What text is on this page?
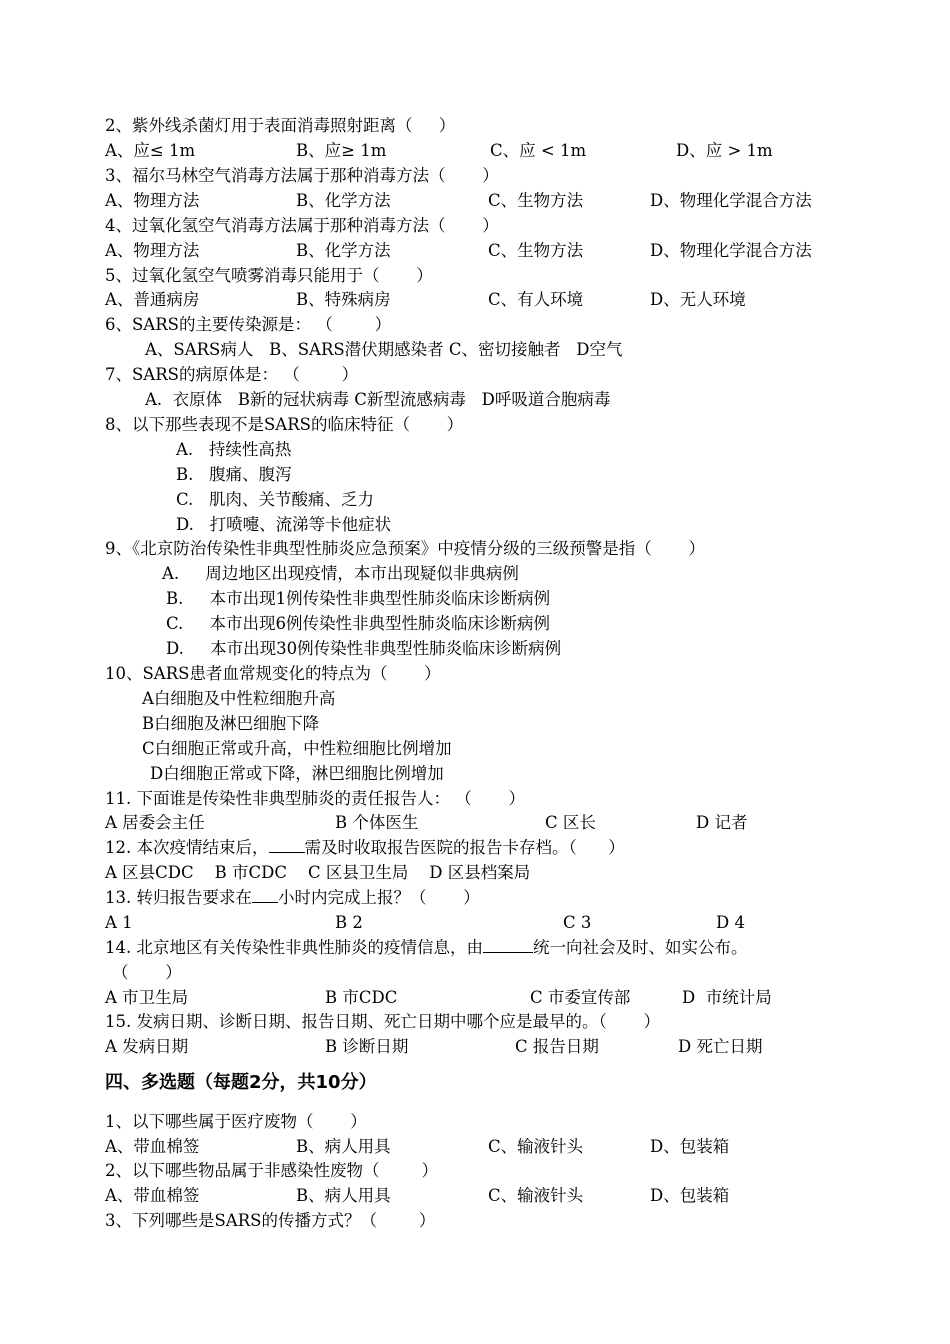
2、紫外线杀菌灯用于表面消毒照射距离（     ）
A、应≤ 1m	B、应≥ 1m	C、应 < 1m	D、应 > 1m
3、福尔马林空气消毒方法属于那种消毒方法（       ）
A、物理方法	B、化学方法	C、生物方法	D、物理化学混合方法
4、过氧化氢空气消毒方法属于那种消毒方法（       ）
A、物理方法	B、化学方法	C、生物方法	D、物理化学混合方法
5、过氧化氢空气喷雾消毒只能用于（       ）
A、普通病房	B、特殊病房	C、有人环境	D、无人环境
6、SARS的主要传染源是： （        ）
A、SARS病人   B、SARS潜伏期感染者 C、密切接触者   D空气
7、SARS的病原体是： （        ）
A.  衣原体   B新的冠状病毒 C新型流感病毒   D呼吸道合胞病毒
8、以下那些表现不是SARS的临床特征（       ）
A.   持续性高热
B.   腹痛、腹泻
C.   肌肉、关节酸痛、乏力
D.   打喷嚏、流涕等卡他症状
9、《北京防治传染性非典型性肺炎应急预案》中疫情分级的三级预警是指（       ）
A.     周边地区出现疫情，本市出现疑似非典病例
B.     本市出现1例传染性非典型性肺炎临床诊断病例
C.     本市出现6例传染性非典型性肺炎临床诊断病例
D.     本市出现30例传染性非典型性肺炎临床诊断病例
10、SARS患者血常规变化的特点为（       ）
A白细胞及中性粒细胞升高
B白细胞及淋巴细胞下降
C白细胞正常或升高，中性粒细胞比例增加
D白细胞正常或下降，淋巴细胞比例增加
11. 下面谁是传染性非典型肺炎的责任报告人： （       ）
A 居委会主任	B 个体医生	C 区长	D 记者
12. 本次疫情结束后， 需及时收取报告医院的报告卡存档。（      ）
A 区县CDC    B 市CDC    C 区县卫生局    D 区县档案局
13. 转归报告要求在 小时内完成上报？（       ）
A 1	B 2	C 3	D 4
14. 北京地区有关传染性非典性肺炎的疫情信息，由	统一向社会及时、如实公布。
（       ）
A 市卫生局	B 市CDC	C 市委宣传部	D  市统计局
15. 发病日期、诊断日期、报告日期、死亡日期中哪个应是最早的。（       ）
A 发病日期	B 诊断日期	C 报告日期	D 死亡日期
四、多选题（每题2分，共10分）
1、以下哪些属于医疗废物（       ）
A、带血棉签	B、病人用具	C、输液针头	D、包装箱
2、以下哪些物品属于非感染性废物（        ）
A、带血棉签	B、病人用具	C、输液针头	D、包装箱
3、下列哪些是SARS的传播方式？（        ）
